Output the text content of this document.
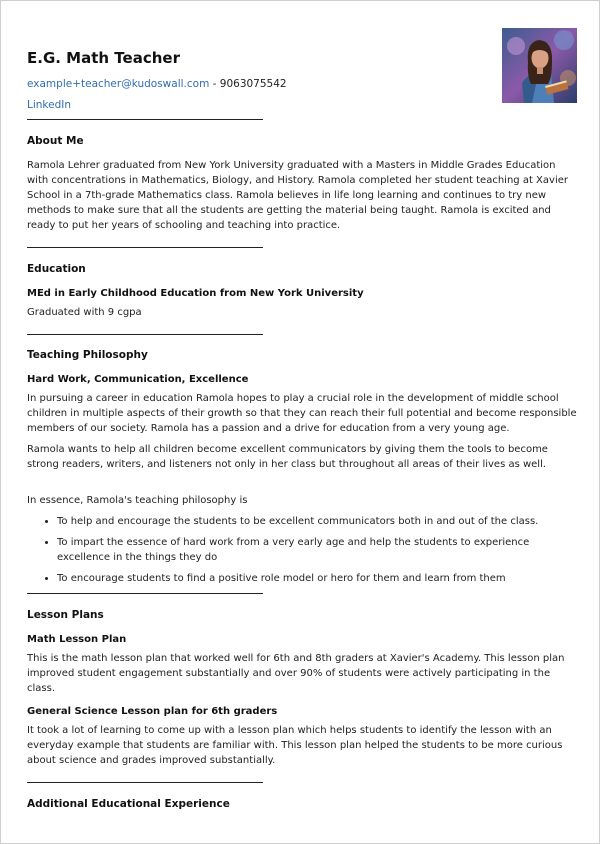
E.G. Math Teacher
example+teacher@kudoswall.com - 9063075542
LinkedIn
About Me
Ramola Lehrer graduated from New York University graduated with a Masters in Middle Grades Education with concentrations in Mathematics, Biology, and History. Ramola completed her student teaching at Xavier School in a 7th-grade Mathematics class. Ramola believes in life long learning and continues to try new methods to make sure that all the students are getting the material being taught. Ramola is excited and ready to put her years of schooling and teaching into practice.
Education
MEd in Early Childhood Education from New York University
Graduated with 9 cgpa
Teaching Philosophy
Hard Work, Communication, Excellence
In pursuing a career in education Ramola hopes to play a crucial role in the development of middle school children in multiple aspects of their growth so that they can reach their full potential and become responsible members of our society. Ramola has a passion and a drive for education from a very young age.
Ramola wants to help all children become excellent communicators by giving them the tools to become strong readers, writers, and listeners not only in her class but throughout all areas of their lives as well.
In essence, Ramola's teaching philosophy is
• To help and encourage the students to be excellent communicators both in and out of the class.
• To impart the essence of hard work from a very early age and help the students to experience excellence in the things they do
• To encourage students to find a positive role model or hero for them and learn from them
Lesson Plans
Math Lesson Plan
This is the math lesson plan that worked well for 6th and 8th graders at Xavier's Academy. This lesson plan improved student engagement substantially and over 90% of students were actively participating in the class.
General Science Lesson plan for 6th graders
It took a lot of learning to come up with a lesson plan which helps students to identify the lesson with an everyday example that students are familiar with. This lesson plan helped the students to be more curious about science and grades improved substantially.
Additional Educational Experience
